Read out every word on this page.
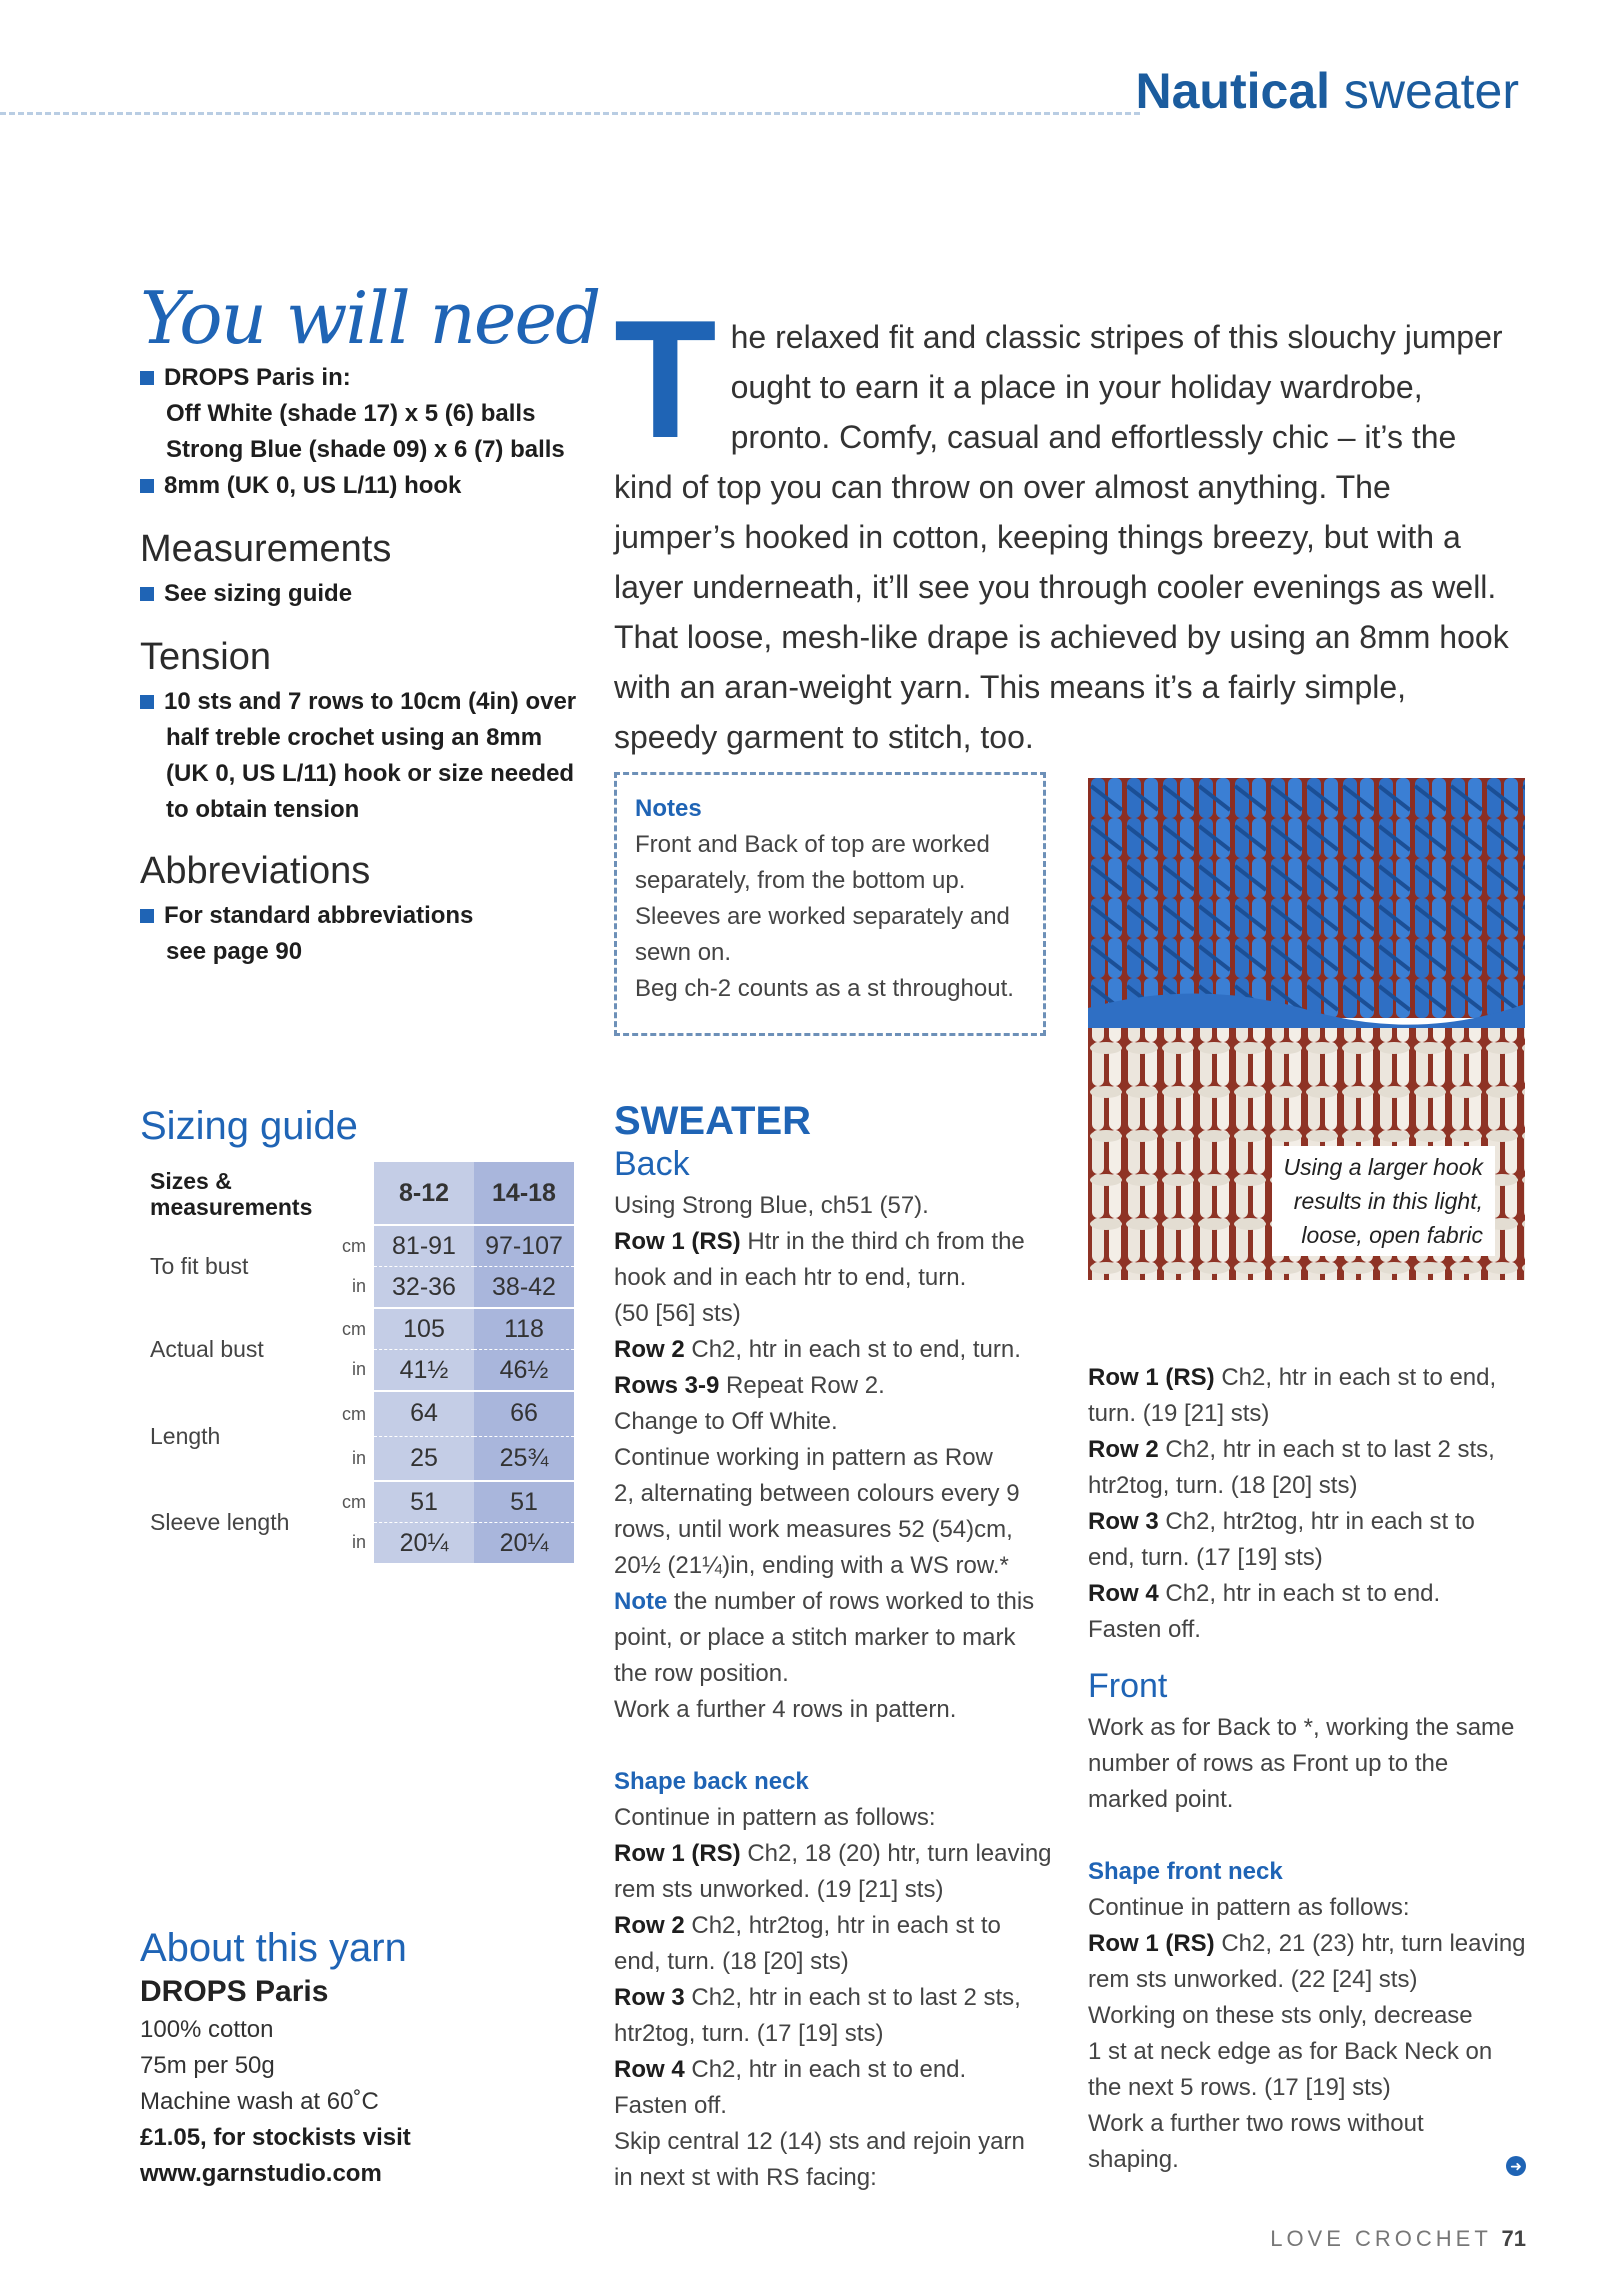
Nautical sweater
You will need
DROPS Paris in:
Off White (shade 17) x 5 (6) balls
Strong Blue (shade 09) x 6 (7) balls
8mm (UK 0, US L/11) hook
Measurements
See sizing guide
Tension
10 sts and 7 rows to 10cm (4in) over
half treble crochet using an 8mm
(UK 0, US L/11) hook or size needed
to obtain tension
Abbreviations
For standard abbreviations
see page 90
The relaxed fit and classic stripes of this slouchy jumper ought to earn it a place in your holiday wardrobe, pronto. Comfy, casual and effortlessly chic – it’s the kind of top you can throw on over almost anything. The jumper’s hooked in cotton, keeping things breezy, but with a layer underneath, it’ll see you through cooler evenings as well. That loose, mesh-like drape is achieved by using an 8mm hook with an aran-weight yarn. This means it’s a fairly simple, speedy garment to stitch, too.
Notes
Front and Back of top are worked
separately, from the bottom up.
Sleeves are worked separately and
sewn on.
Beg ch-2 counts as a st throughout.
Using a larger hook
results in this light,
loose, open fabric
Sizing guide
Sizes &
measurements		8-12	14-18
To fit bust	cm	81-91	97-107
	in	32-36	38-42
Actual bust	cm	105	118
	in	41½	46½
Length	cm	64	66
	in	25	25¾
Sleeve length	cm	51	51
	in	20¼	20¼
About this yarn
DROPS Paris
100% cotton
75m per 50g
Machine wash at 60˚C
£1.05, for stockists visit
www.garnstudio.com
SWEATER
Back
Using Strong Blue, ch51 (57).
Row 1 (RS) Htr in the third ch from the
hook and in each htr to end, turn.
(50 [56] sts)
Row 2 Ch2, htr in each st to end, turn.
Rows 3-9 Repeat Row 2.
Change to Off White.
Continue working in pattern as Row
2, alternating between colours every 9
rows, until work measures 52 (54)cm,
20½ (21¼)in, ending with a WS row.*
Note the number of rows worked to this
point, or place a stitch marker to mark
the row position.
Work a further 4 rows in pattern.
Shape back neck
Continue in pattern as follows:
Row 1 (RS) Ch2, 18 (20) htr, turn leaving
rem sts unworked. (19 [21] sts)
Row 2 Ch2, htr2tog, htr in each st to
end, turn. (18 [20] sts)
Row 3 Ch2, htr in each st to last 2 sts,
htr2tog, turn. (17 [19] sts)
Row 4 Ch2, htr in each st to end.
Fasten off.
Skip central 12 (14) sts and rejoin yarn
in next st with RS facing:
Row 1 (RS) Ch2, htr in each st to end,
turn. (19 [21] sts)
Row 2 Ch2, htr in each st to last 2 sts,
htr2tog, turn. (18 [20] sts)
Row 3 Ch2, htr2tog, htr in each st to
end, turn. (17 [19] sts)
Row 4 Ch2, htr in each st to end.
Fasten off.
Front
Work as for Back to *, working the same
number of rows as Front up to the
marked point.
Shape front neck
Continue in pattern as follows:
Row 1 (RS) Ch2, 21 (23) htr, turn leaving
rem sts unworked. (22 [24] sts)
Working on these sts only, decrease
1 st at neck edge as for Back Neck on
the next 5 rows. (17 [19] sts)
Work a further two rows without
shaping.	➜
LOVE CROCHET 71
